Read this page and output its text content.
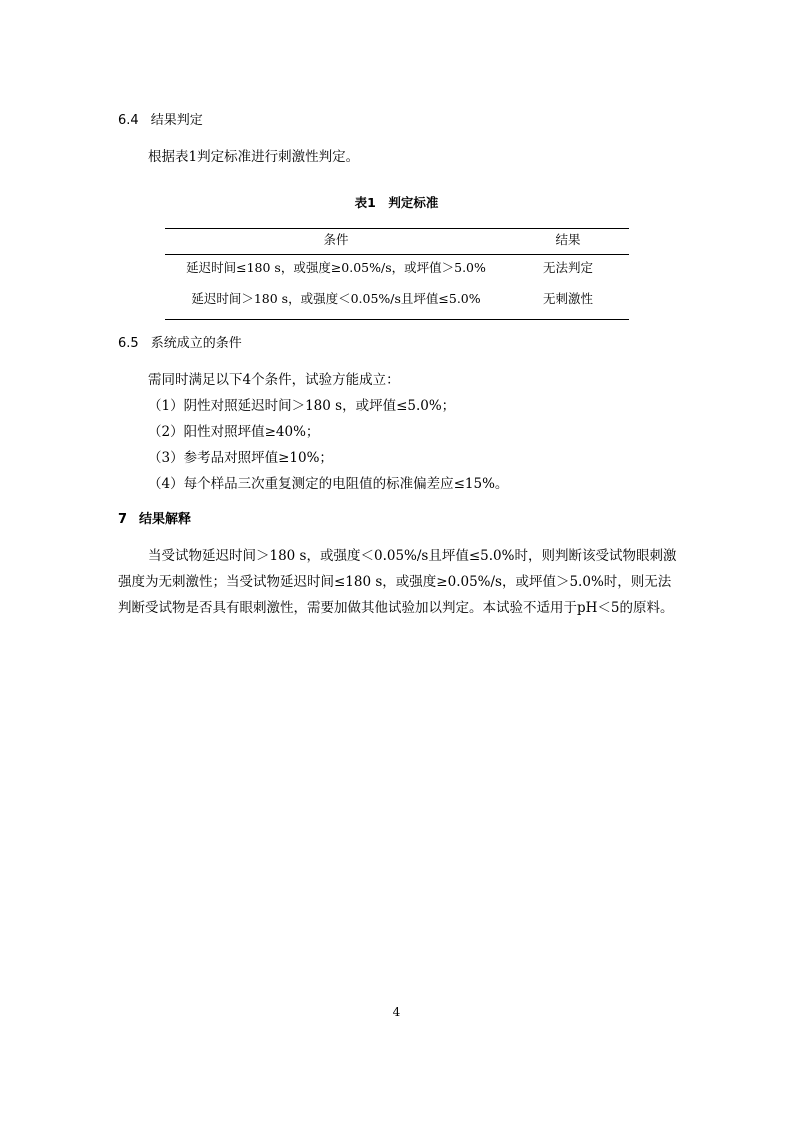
6.4 结果判定
根据表1判定标准进行刺激性判定。
表1　判定标准
条件	结果
延迟时间≤180 s，或强度≥0.05%/s，或坪值＞5.0%	无法判定
延迟时间＞180 s，或强度＜0.05%/s且坪值≤5.0%	无刺激性
6.5 系统成立的条件
需同时满足以下4个条件，试验方能成立：
（1）阴性对照延迟时间＞180 s，或坪值≤5.0%；
（2）阳性对照坪值≥40%；
（3）参考品对照坪值≥10%；
（4）每个样品三次重复测定的电阻值的标准偏差应≤15%。
7 结果解释
当受试物延迟时间＞180 s，或强度＜0.05%/s且坪值≤5.0%时，则判断该受试物眼刺激强度为无刺激性；当受试物延迟时间≤180 s，或强度≥0.05%/s，或坪值＞5.0%时，则无法判断受试物是否具有眼刺激性，需要加做其他试验加以判定。本试验不适用于pH＜5的原料。
4
